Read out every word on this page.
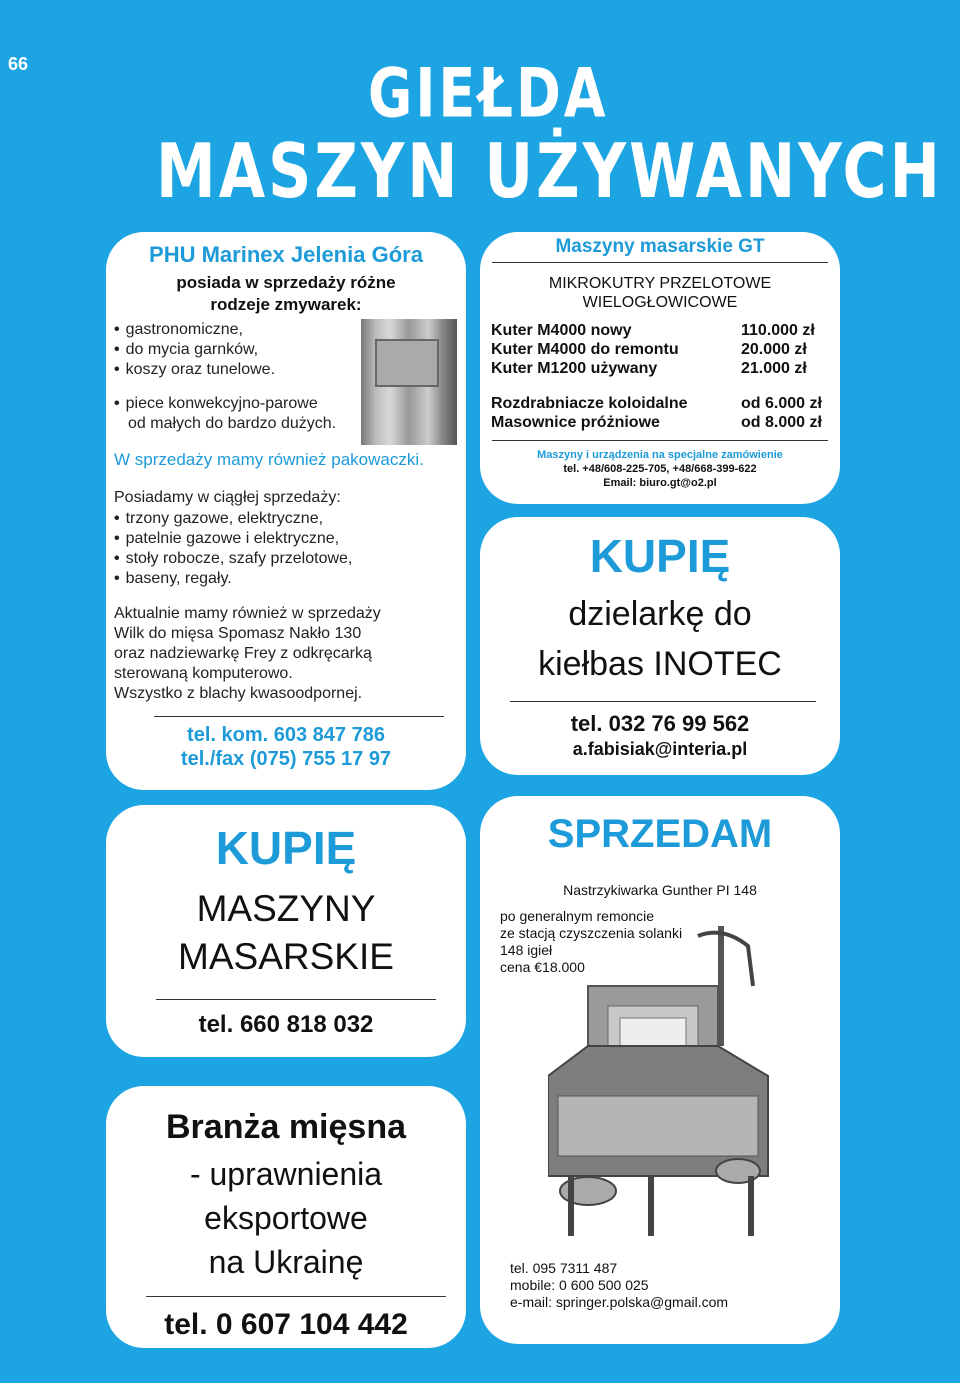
66	GIEŁDA
MASZYN UŻYWANYCH
PHU Marinex Jelenia Góra
posiada w sprzedaży różne
rodzeje zmywarek:
• gastronomiczne,
• do mycia garnków,
• koszy oraz tunelowe.
• piece konwekcyjno-parowe
od małych do bardzo dużych.
W sprzedaży mamy również pakowaczki.
Posiadamy w ciągłej sprzedaży:
• trzony gazowe, elektryczne,
• patelnie gazowe i elektryczne,
• stoły robocze, szafy przelotowe,
• baseny, regały.
Aktualnie mamy również w sprzedaży
Wilk do mięsa Spomasz Nakło 130
oraz nadziewarkę Frey z odkręcarką
sterowaną komputerowo.
Wszystko z blachy kwasoodpornej.
tel. kom. 603 847 786
tel./fax (075) 755 17 97
Maszyny masarskie GT
MIKROKUTRY PRZELOTOWE
WIELOGŁOWICOWE
Kuter M4000 nowy	110.000 zł
Kuter M4000 do remontu	20.000 zł
Kuter M1200 używany	21.000 zł
Rozdrabniacze koloidalne	od 6.000 zł
Masownice próżniowe	od 8.000 zł
Maszyny i urządzenia na specjalne zamówienie
tel. +48/608-225-705, +48/668-399-622
Email: biuro.gt@o2.pl
KUPIĘ
dzielarkę do
kiełbas INOTEC
tel. 032 76 99 562
a.fabisiak@interia.pl
KUPIĘ
MASZYNY
MASARSKIE
tel. 660 818 032
SPRZEDAM
Nastrzykiwarka Gunther PI 148
po generalnym remoncie
ze stacją czyszczenia solanki
148 igieł
cena €18.000
tel. 095 7311 487
mobile: 0 600 500 025
e-mail: springer.polska@gmail.com
Branża mięsna
- uprawnienia
eksportowe
na Ukrainę
tel. 0 607 104 442
